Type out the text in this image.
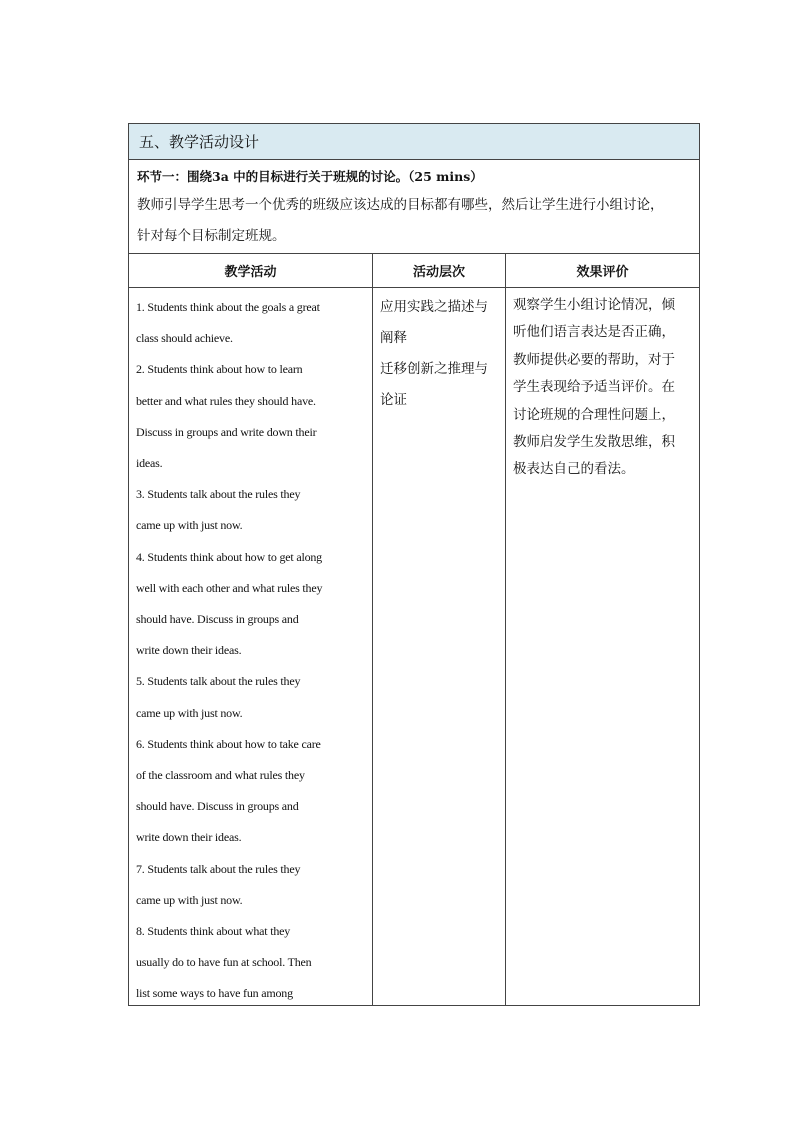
五、教学活动设计
环节一：围绕3a 中的目标进行关于班规的讨论。（25 mins）
教师引导学生思考一个优秀的班级应该达成的目标都有哪些，然后让学生进行小组讨论，
针对每个目标制定班规。
教学活动	活动层次	效果评价
1. Students think about the goals a great
class should achieve.
2. Students think about how to learn
better and what rules they should have.
Discuss in groups and write down their
ideas.
3. Students talk about the rules they
came up with just now.
4. Students think about how to get along
well with each other and what rules they
should have. Discuss in groups and
write down their ideas.
5. Students talk about the rules they
came up with just now.
6. Students think about how to take care
of the classroom and what rules they
should have. Discuss in groups and
write down their ideas.
7. Students talk about the rules they
came up with just now.
8. Students think about what they
usually do to have fun at school. Then
list some ways to have fun among
应用实践之描述与
阐释
迁移创新之推理与
论证
观察学生小组讨论情况，倾
听他们语言表达是否正确，
教师提供必要的帮助，对于
学生表现给予适当评价。在
讨论班规的合理性问题上，
教师启发学生发散思维，积
极表达自己的看法。
